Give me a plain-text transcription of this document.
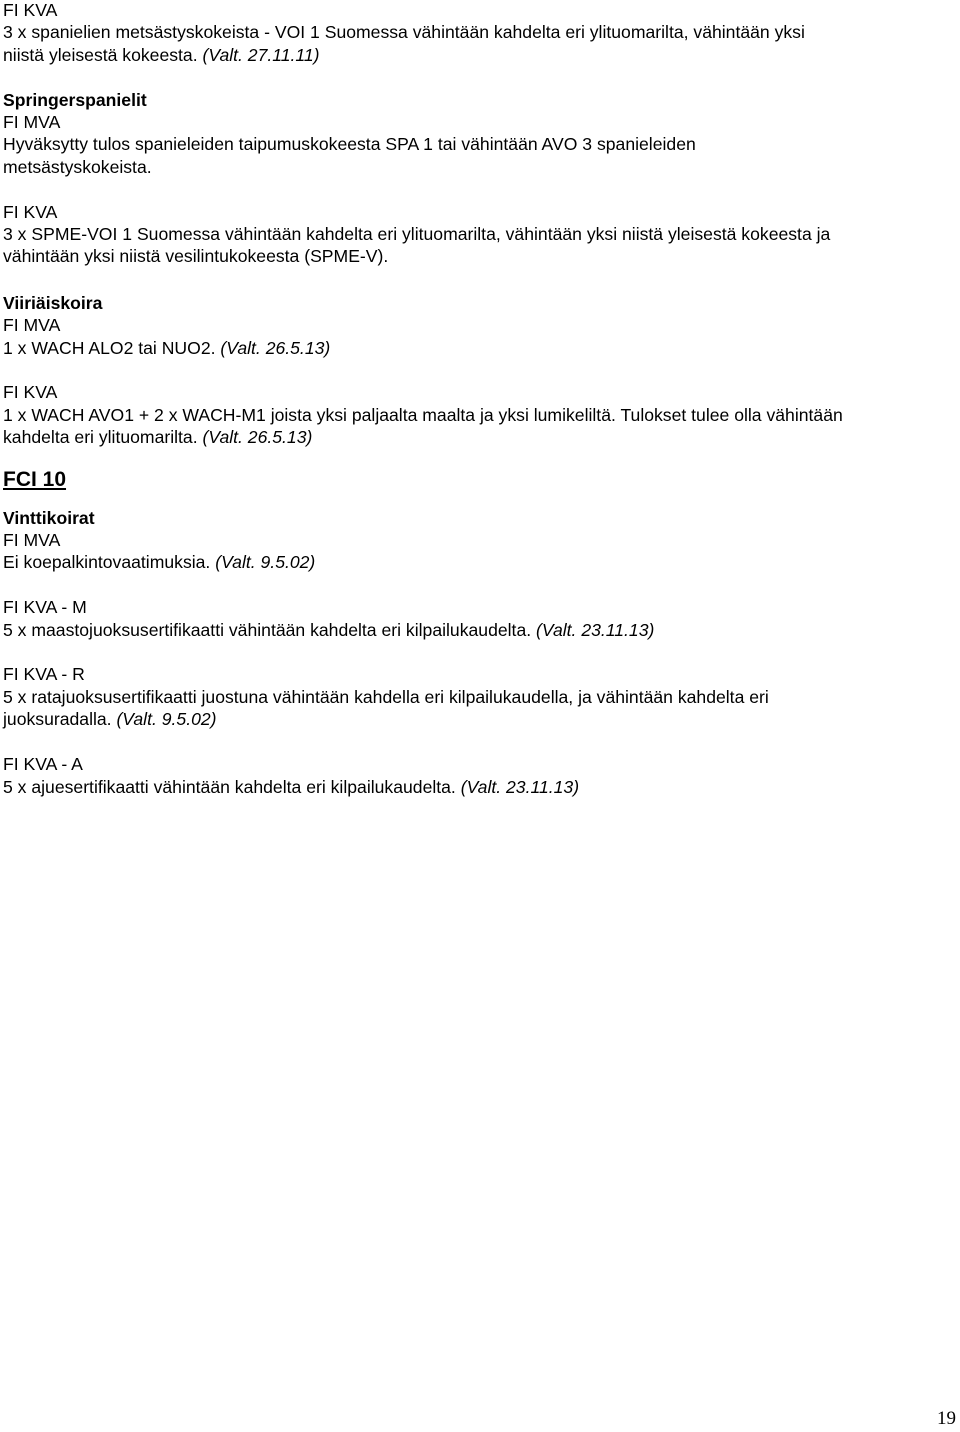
FI KVA
3 x spanielien metsästyskokeista - VOI 1 Suomessa vähintään kahdelta eri ylituomarilta, vähintään yksi
niistä yleisestä kokeesta. (Valt. 27.11.11)
Springerspanielit
FI MVA
Hyväksytty tulos spanieleiden taipumuskokeesta SPA 1 tai vähintään AVO 3 spanieleiden
metsästyskokeista.
FI KVA
3 x SPME-VOI 1 Suomessa vähintään kahdelta eri ylituomarilta, vähintään yksi niistä yleisestä kokeesta ja
vähintään yksi niistä vesilintukokeesta (SPME-V).
Viiriäiskoira
FI MVA
1 x WACH ALO2 tai NUO2. (Valt. 26.5.13)
FI KVA
1 x WACH AVO1 + 2 x WACH-M1 joista yksi paljaalta maalta ja yksi lumikeliltä. Tulokset tulee olla vähintään
kahdelta eri ylituomarilta. (Valt. 26.5.13)
FCI 10
Vinttikoirat
FI MVA
Ei koepalkintovaatimuksia. (Valt. 9.5.02)
FI KVA - M
5 x maastojuoksusertifikaatti vähintään kahdelta eri kilpailukaudelta. (Valt. 23.11.13)
FI KVA - R
5 x ratajuoksusertifikaatti juostuna vähintään kahdella eri kilpailukaudella, ja vähintään kahdelta eri
juoksuradalla. (Valt. 9.5.02)
FI KVA - A
5 x ajuesertifikaatti vähintään kahdelta eri kilpailukaudelta. (Valt. 23.11.13)
19
